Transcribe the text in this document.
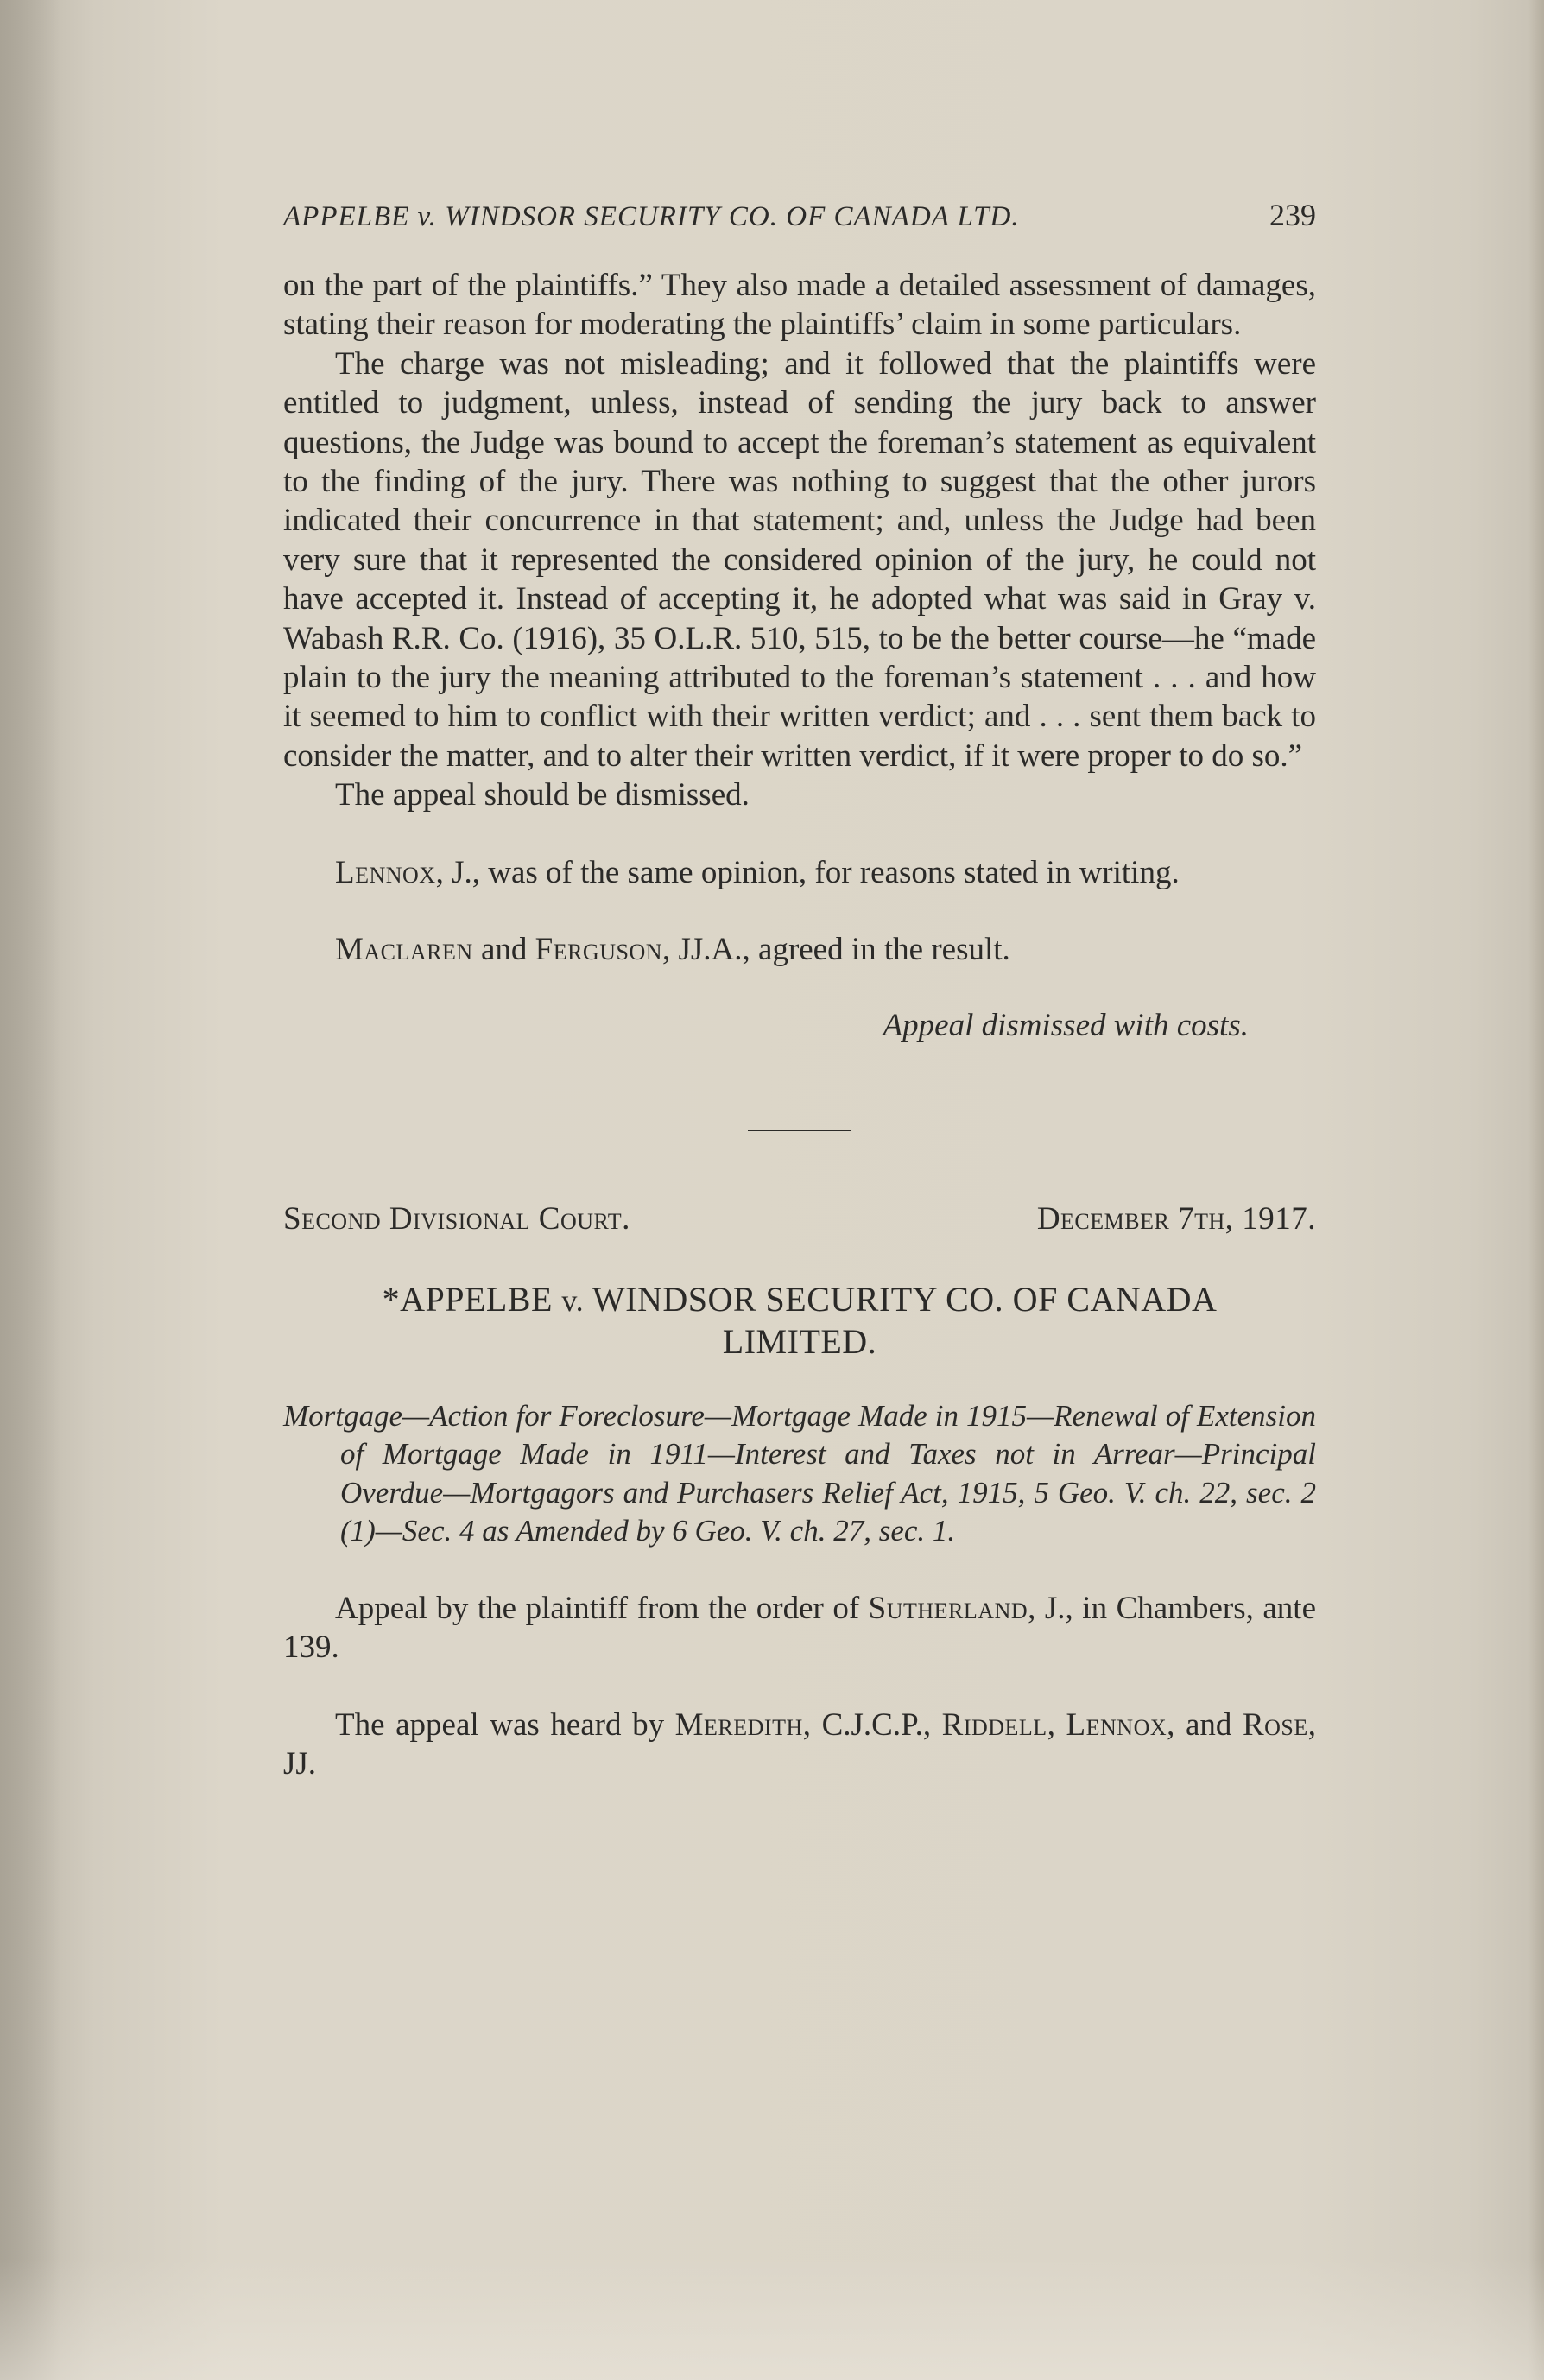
APPELBE v. WINDSOR SECURITY CO. OF CANADA LTD.	239

on the part of the plaintiffs.” They also made a detailed assessment of damages, stating their reason for moderating the plaintiffs’ claim in some particulars.

The charge was not misleading; and it followed that the plaintiffs were entitled to judgment, unless, instead of sending the jury back to answer questions, the Judge was bound to accept the foreman’s statement as equivalent to the finding of the jury. There was nothing to suggest that the other jurors indicated their concurrence in that statement; and, unless the Judge had been very sure that it represented the considered opinion of the jury, he could not have accepted it. Instead of accepting it, he adopted what was said in Gray v. Wabash R.R. Co. (1916), 35 O.L.R. 510, 515, to be the better course—he “made plain to the jury the meaning attributed to the foreman’s statement . . . and how it seemed to him to conflict with their written verdict; and . . . sent them back to consider the matter, and to alter their written verdict, if it were proper to do so.”

The appeal should be dismissed.

Lennox, J., was of the same opinion, for reasons stated in writing.

Maclaren and Ferguson, JJ.A., agreed in the result.

Appeal dismissed with costs.

Second Divisional Court.	December 7th, 1917.
*APPELBE v. WINDSOR SECURITY CO. OF CANADA
LIMITED.

Mortgage—Action for Foreclosure—Mortgage Made in 1915—Renewal of Extension of Mortgage Made in 1911—Interest and Taxes not in Arrear—Principal Overdue—Mortgagors and Purchasers Relief Act, 1915, 5 Geo. V. ch. 22, sec. 2 (1)—Sec. 4 as Amended by 6 Geo. V. ch. 27, sec. 1.

Appeal by the plaintiff from the order of Sutherland, J., in Chambers, ante 139.

The appeal was heard by Meredith, C.J.C.P., Riddell, Lennox, and Rose, JJ.
